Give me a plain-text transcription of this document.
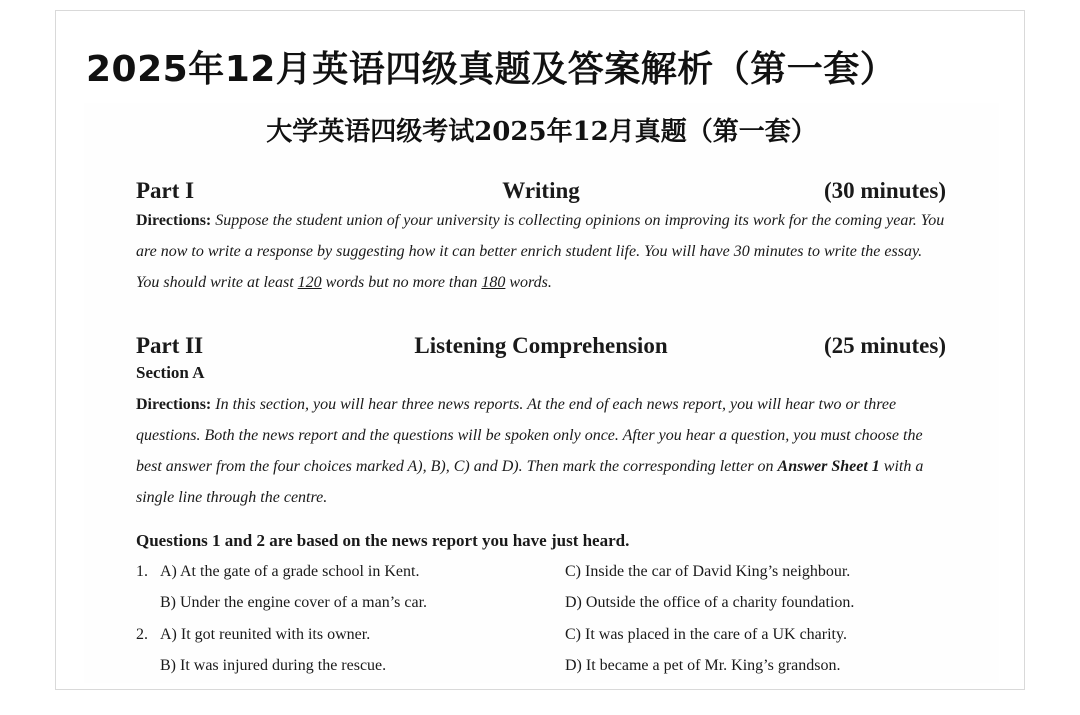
2025年12月英语四级真题及答案解析（第一套）
大学英语四级考试2025年12月真题（第一套）
Part I	Writing	(30 minutes)
Directions: Suppose the student union of your university is collecting opinions on improving its work for the coming year. You are now to write a response by suggesting how it can better enrich student life. You will have 30 minutes to write the essay. You should write at least 120 words but no more than 180 words.
Part II	Listening Comprehension	(25 minutes)
Section A
Directions: In this section, you will hear three news reports. At the end of each news report, you will hear two or three questions. Both the news report and the questions will be spoken only once. After you hear a question, you must choose the best answer from the four choices marked A), B), C) and D). Then mark the corresponding letter on Answer Sheet 1 with a single line through the centre.
Questions 1 and 2 are based on the news report you have just heard.
1. A) At the gate of a grade school in Kent.	C) Inside the car of David King’s neighbour.
B) Under the engine cover of a man’s car.	D) Outside the office of a charity foundation.
2. A) It got reunited with its owner.	C) It was placed in the care of a UK charity.
B) It was injured during the rescue.	D) It became a pet of Mr. King’s grandson.
